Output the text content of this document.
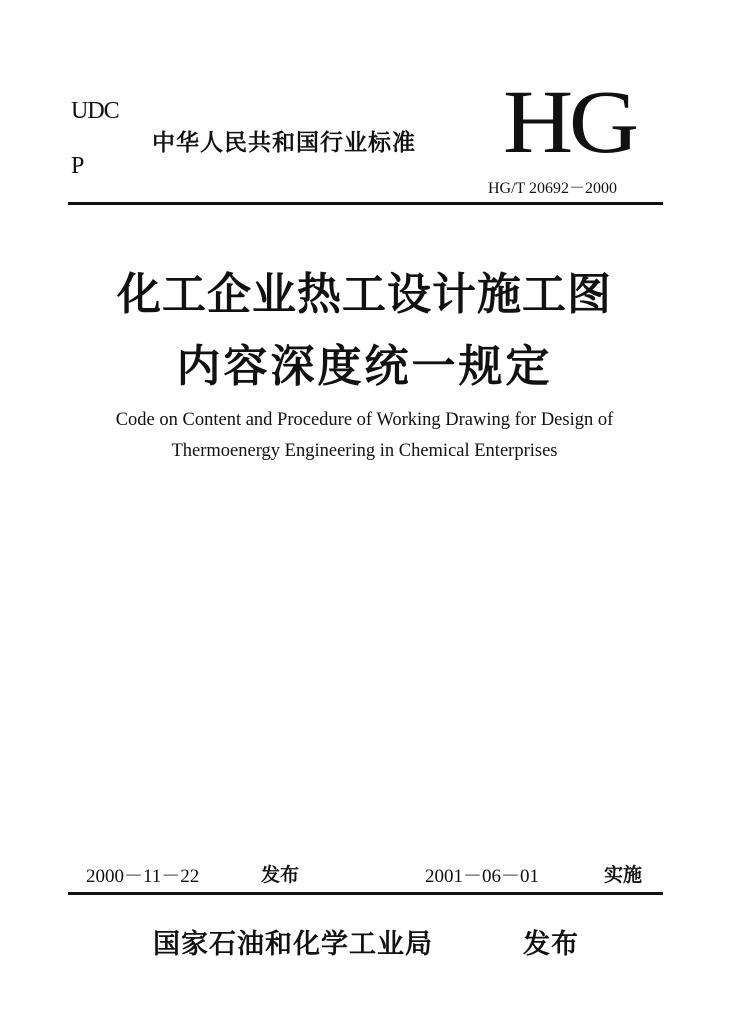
UDC
P
中华人民共和国行业标准 HG
HG/T 20692－2000
化工企业热工设计施工图
内容深度统一规定
Code on Content and Procedure of Working Drawing for Design of
Thermoenergy Engineering in Chemical Enterprises
2000－11－22	发布	2001－06－01	实施
国家石油和化学工业局	发布
